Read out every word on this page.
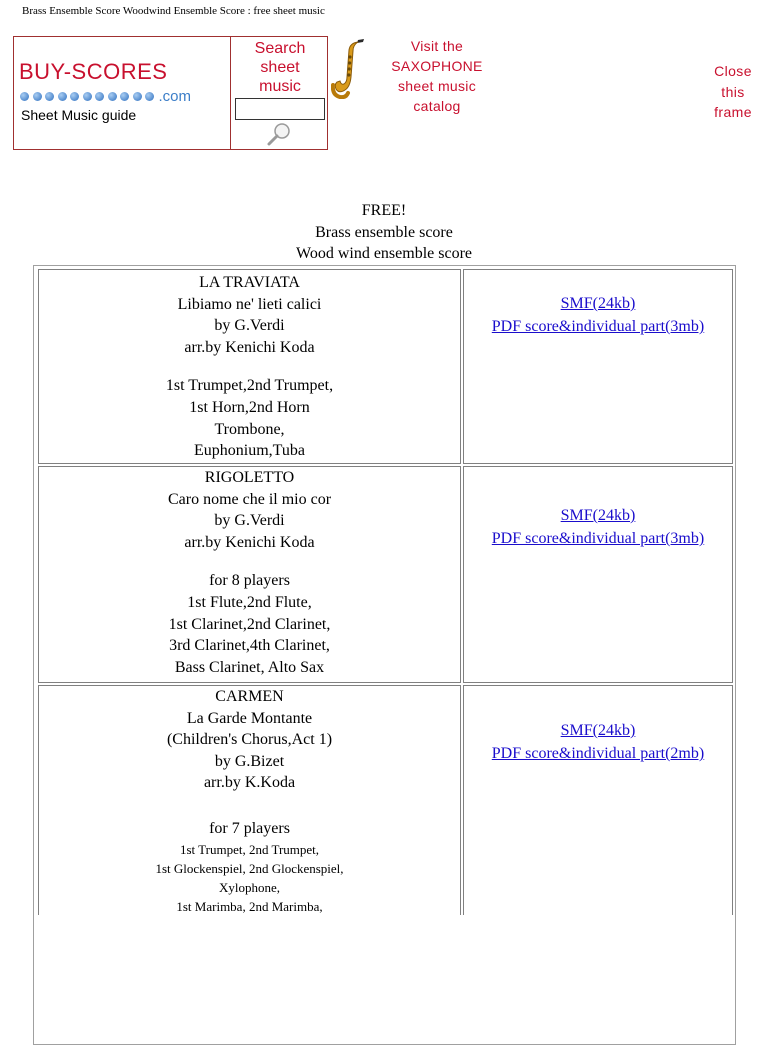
Brass Ensemble Score Woodwind Ensemble Score : free sheet music
BUY-SCORES
.com
Sheet Music guide
Search
sheet
music
Visit the
SAXOPHONE
sheet music
catalog
Close
this
frame
FREE!
Brass ensemble score
Wood wind ensemble score
LA TRAVIATA
Libiamo ne' lieti calici
by G.Verdi
arr.by Kenichi Koda
1st Trumpet,2nd Trumpet,
1st Horn,2nd Horn
Trombone,
Euphonium,Tuba
SMF(24kb)
PDF score&individual part(3mb)
RIGOLETTO
Caro nome che il mio cor
by G.Verdi
arr.by Kenichi Koda
for 8 players
1st Flute,2nd Flute,
1st Clarinet,2nd Clarinet,
3rd Clarinet,4th Clarinet,
Bass Clarinet, Alto Sax
SMF(24kb)
PDF score&individual part(3mb)
CARMEN
La Garde Montante
(Children's Chorus,Act 1)
by G.Bizet
arr.by K.Koda
for 7 players
1st Trumpet, 2nd Trumpet,
1st Glockenspiel, 2nd Glockenspiel,
Xylophone,
1st Marimba, 2nd Marimba,
SMF(24kb)
PDF score&individual part(2mb)
